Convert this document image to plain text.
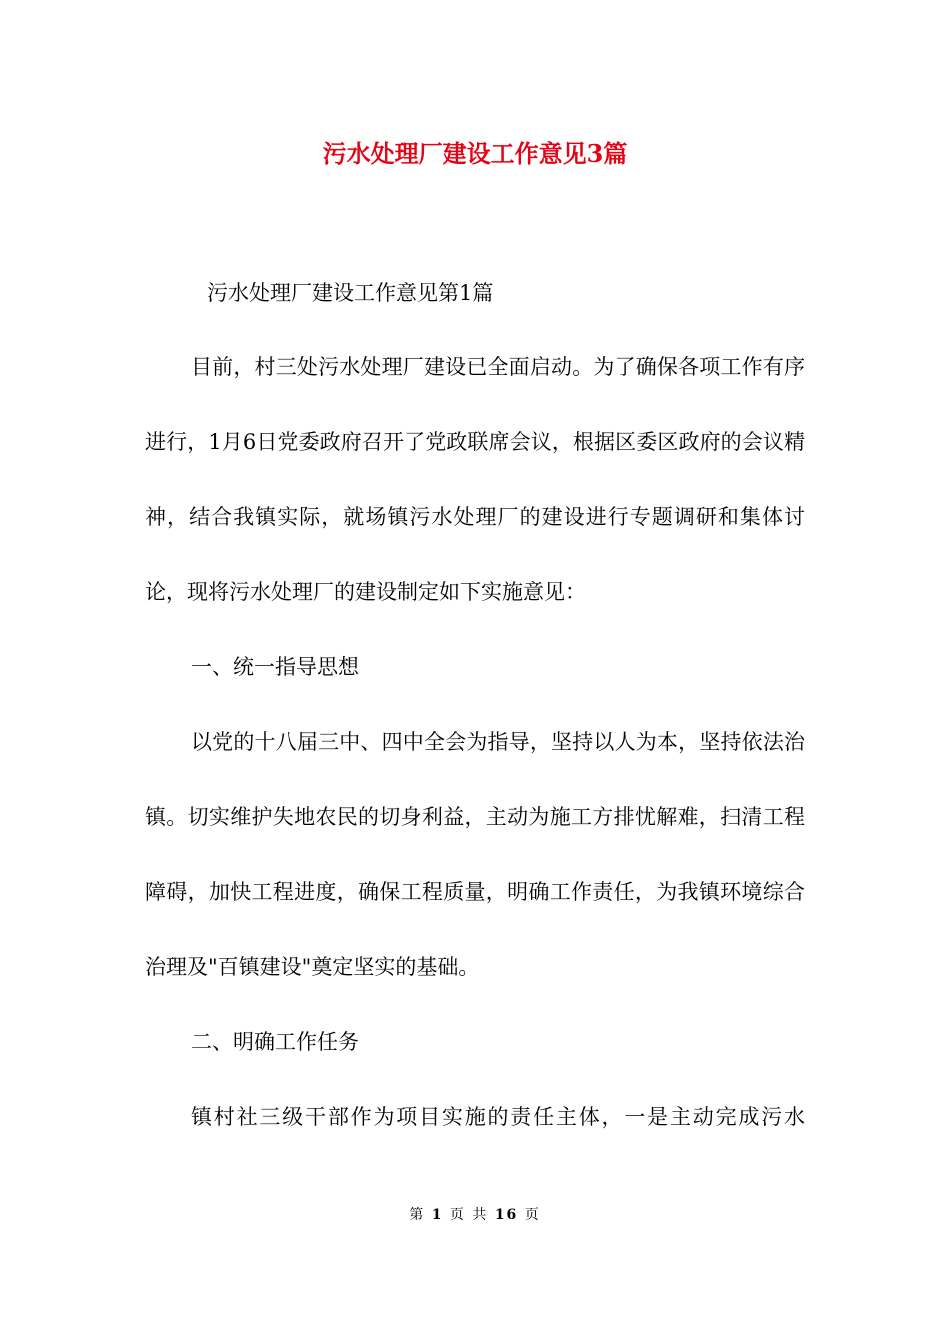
污水处理厂建设工作意见3篇
污水处理厂建设工作意见第1篇

目前，村三处污水处理厂建设已全面启动。为了确保各项工作有序进行，1月6日党委政府召开了党政联席会议，根据区委区政府的会议精神，结合我镇实际，就场镇污水处理厂的建设进行专题调研和集体讨论，现将污水处理厂的建设制定如下实施意见：

一、统一指导思想

以党的十八届三中、四中全会为指导，坚持以人为本，坚持依法治镇。切实维护失地农民的切身利益，主动为施工方排忧解难，扫清工程障碍，加快工程进度，确保工程质量，明确工作责任，为我镇环境综合治理及"百镇建设"奠定坚实的基础。

二、明确工作任务

镇村社三级干部作为项目实施的责任主体，一是主动完成污水

第 1 页 共 16 页
